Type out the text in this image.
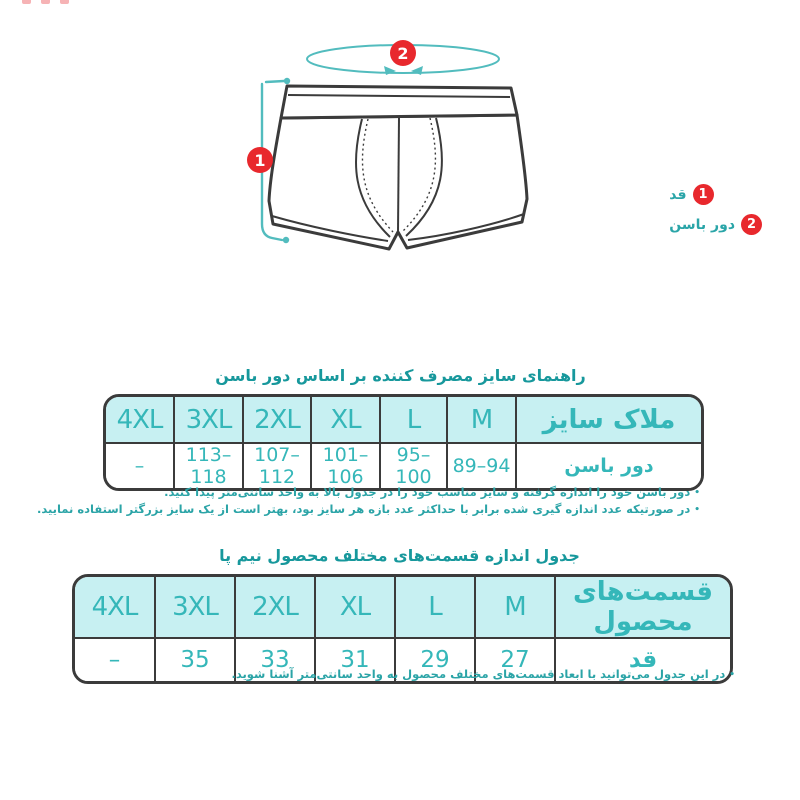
2
1
1
قد
2
دور باسن
راهنمای سایز مصرف کننده بر اساس دور باسن
4XL	3XL	2XL	XL	L	M	ملاک سایز
–	113–118	107–112	101–106	95–100	89–94	دور باسن
•دور باسن خود را اندازه گرفته و سایز مناسب خود را در جدول بالا به واحد سانتی‌متر پیدا کنید.
•در صورتیکه عدد اندازه گیری شده برابر با حداکثر عدد بازه هر سایز بود، بهتر است از یک سایز بزرگتر استفاده نمایید.
جدول اندازه قسمت‌های مختلف محصول نیم پا
4XL	3XL	2XL	XL	L	M	قسمت‌های محصول
–	35	33	31	29	27	قد
•در این جدول می‌توانید با ابعاد قسمت‌های مختلف محصول به واحد سانتی‌متر آشنا شوید.
